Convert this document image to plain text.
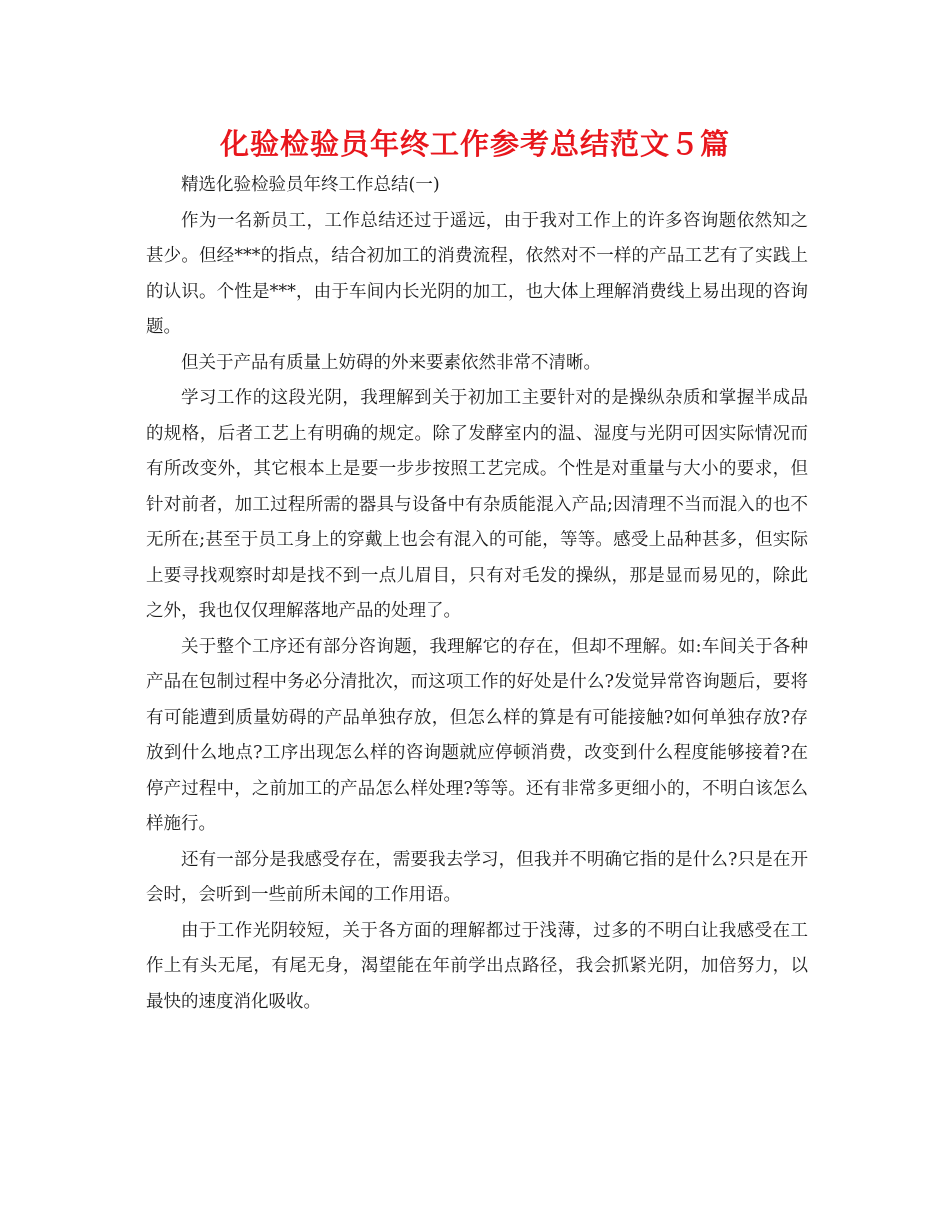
化验检验员年终工作参考总结范文５篇

精选化验检验员年终工作总结(一)

作为一名新员工，工作总结还过于遥远，由于我对工作上的许多咨询题依然知之甚少。但经***的指点，结合初加工的消费流程，依然对不一样的产品工艺有了实践上的认识。个性是***，由于车间内长光阴的加工，也大体上理解消费线上易出现的咨询题。

但关于产品有质量上妨碍的外来要素依然非常不清晰。

学习工作的这段光阴，我理解到关于初加工主要针对的是操纵杂质和掌握半成品的规格，后者工艺上有明确的规定。除了发酵室内的温、湿度与光阴可因实际情况而有所改变外，其它根本上是要一步步按照工艺完成。个性是对重量与大小的要求，但针对前者，加工过程所需的器具与设备中有杂质能混入产品;因清理不当而混入的也不无所在;甚至于员工身上的穿戴上也会有混入的可能，等等。感受上品种甚多，但实际上要寻找观察时却是找不到一点儿眉目，只有对毛发的操纵，那是显而易见的，除此之外，我也仅仅理解落地产品的处理了。

关于整个工序还有部分咨询题，我理解它的存在，但却不理解。如:车间关于各种产品在包制过程中务必分清批次，而这项工作的好处是什么?发觉异常咨询题后，要将有可能遭到质量妨碍的产品单独存放，但怎么样的算是有可能接触?如何单独存放?存放到什么地点?工序出现怎么样的咨询题就应停顿消费，改变到什么程度能够接着?在停产过程中，之前加工的产品怎么样处理?等等。还有非常多更细小的，不明白该怎么样施行。

还有一部分是我感受存在，需要我去学习，但我并不明确它指的是什么?只是在开会时，会听到一些前所未闻的工作用语。

由于工作光阴较短，关于各方面的理解都过于浅薄，过多的不明白让我感受在工作上有头无尾，有尾无身，渴望能在年前学出点路径，我会抓紧光阴，加倍努力，以最快的速度消化吸收。
